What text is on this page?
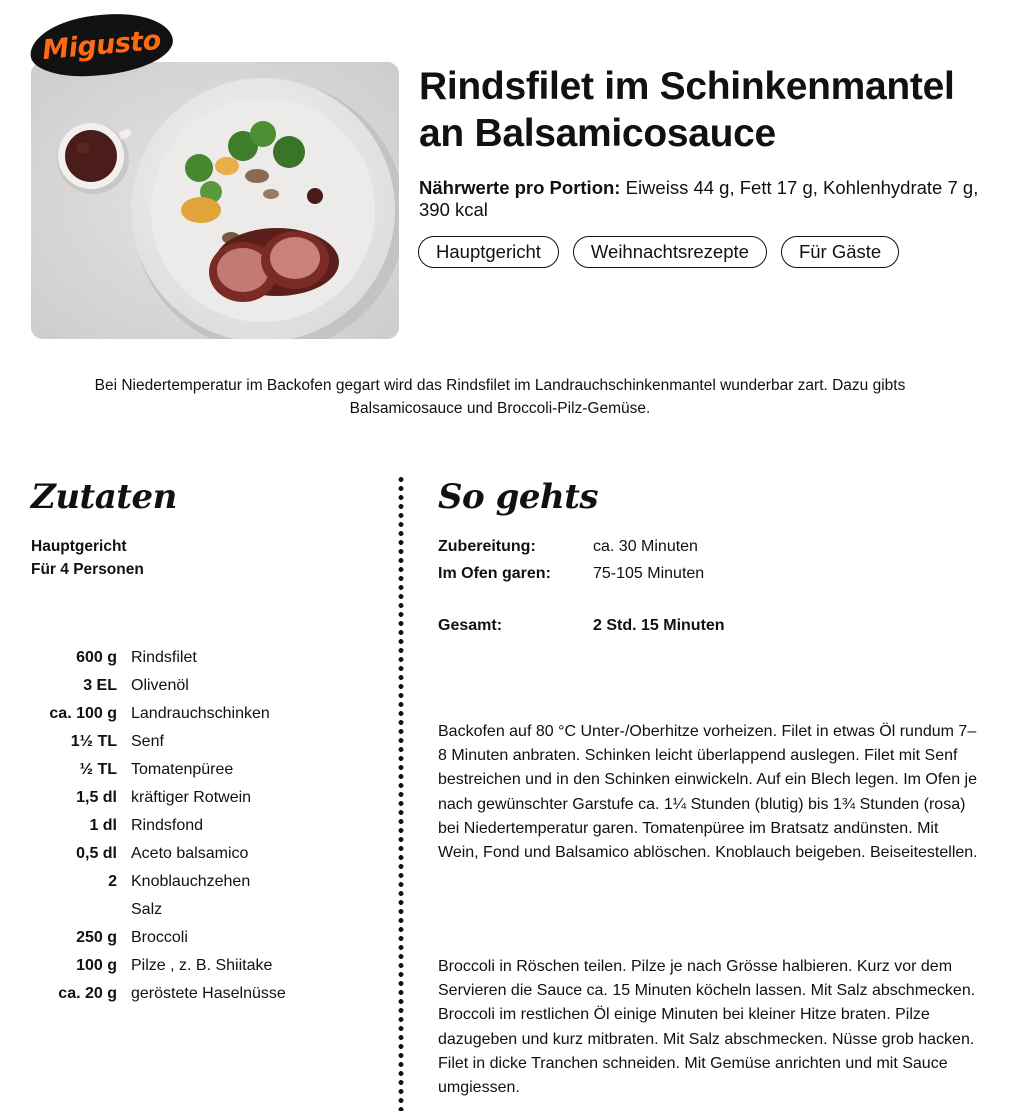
Migusto
Rindsfilet im Schinkenmantel an Balsamicosauce
Nährwerte pro Portion: Eiweiss 44 g, Fett 17 g, Kohlenhydrate 7 g, 390 kcal
Hauptgericht	Weihnachtsrezepte	Für Gäste

Bei Niedertemperatur im Backofen gegart wird das Rindsfilet im Landrauchschinkenmantel wunderbar zart. Dazu gibts Balsamicosauce und Broccoli-Pilz-Gemüse.

Zutaten	So gehts
Hauptgericht
Für 4 Personen
600 g Rindsfilet
3 EL Olivenöl
ca. 100 g Landrauchschinken
1½ TL Senf
½ TL Tomatenpüree
1,5 dl kräftiger Rotwein
1 dl Rindsfond
0,5 dl Aceto balsamico
2 Knoblauchzehen
Salz
250 g Broccoli
100 g Pilze , z. B. Shiitake
ca. 20 g geröstete Haselnüsse
Zubereitung:	ca. 30 Minuten
Im Ofen garen:	75-105 Minuten
Gesamt:	2 Std. 15 Minuten

Backofen auf 80 °C Unter-/Oberhitze vorheizen. Filet in etwas Öl rundum 7–8 Minuten anbraten. Schinken leicht überlappend auslegen. Filet mit Senf bestreichen und in den Schinken einwickeln. Auf ein Blech legen. Im Ofen je nach gewünschter Garstufe ca. 1¼ Stunden (blutig) bis 1¾ Stunden (rosa) bei Niedertemperatur garen. Tomatenpüree im Bratsatz andünsten. Mit Wein, Fond und Balsamico ablöschen. Knoblauch beigeben. Beiseitestellen.

Broccoli in Röschen teilen. Pilze je nach Grösse halbieren. Kurz vor dem Servieren die Sauce ca. 15 Minuten köcheln lassen. Mit Salz abschmecken. Broccoli im restlichen Öl einige Minuten bei kleiner Hitze braten. Pilze dazugeben und kurz mitbraten. Mit Salz abschmecken. Nüsse grob hacken. Filet in dicke Tranchen schneiden. Mit Gemüse anrichten und mit Sauce umgiessen.
